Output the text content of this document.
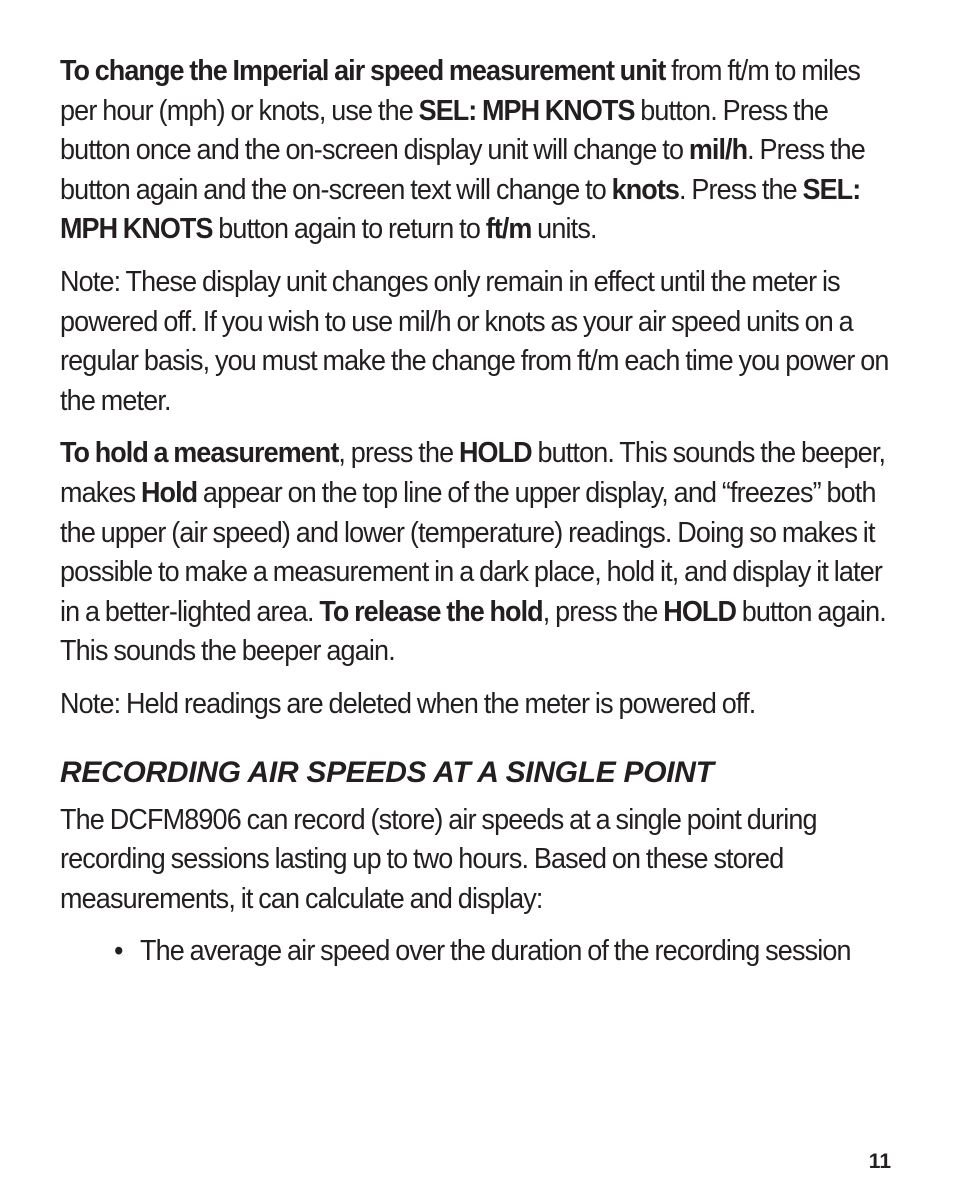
To change the Imperial air speed measurement unit from ft/m to miles per hour (mph) or knots, use the SEL: MPH KNOTS button. Press the button once and the on-screen display unit will change to mil/h. Press the button again and the on-screen text will change to knots. Press the SEL: MPH KNOTS button again to return to ft/m units.

Note: These display unit changes only remain in effect until the meter is powered off. If you wish to use mil/h or knots as your air speed units on a regular basis, you must make the change from ft/m each time you power on the meter.

To hold a measurement, press the HOLD button. This sounds the beeper, makes Hold appear on the top line of the upper display, and “freezes” both the upper (air speed) and lower (temperature) readings. Doing so makes it possible to make a measurement in a dark place, hold it, and display it later in a better-lighted area. To release the hold, press the HOLD button again. This sounds the beeper again.

Note: Held readings are deleted when the meter is powered off.

RECORDING AIR SPEEDS AT A SINGLE POINT

The DCFM8906 can record (store) air speeds at a single point during recording sessions lasting up to two hours. Based on these stored measurements, it can calculate and display:

• The average air speed over the duration of the recording session
11
